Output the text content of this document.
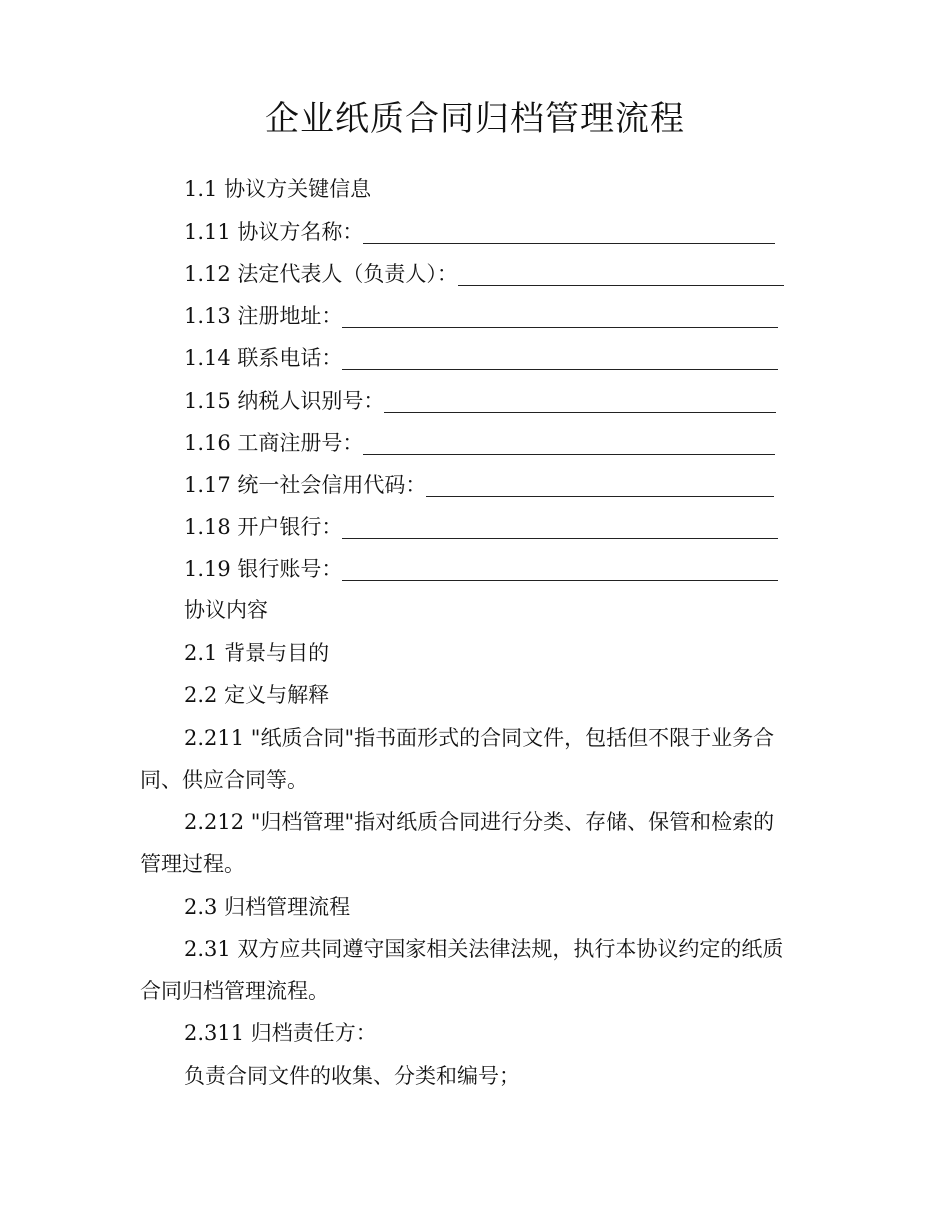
企业纸质合同归档管理流程
1.1 协议方关键信息
1.11 协议方名称：
1.12 法定代表人（负责人）：
1.13 注册地址：
1.14 联系电话：
1.15 纳税人识别号：
1.16 工商注册号：
1.17 统一社会信用代码：
1.18 开户银行：
1.19 银行账号：
协议内容
2.1 背景与目的
2.2 定义与解释
2.211 "纸质合同"指书面形式的合同文件，包括但不限于业务合
同、供应合同等。
2.212 "归档管理"指对纸质合同进行分类、存储、保管和检索的
管理过程。
2.3 归档管理流程
2.31 双方应共同遵守国家相关法律法规，执行本协议约定的纸质
合同归档管理流程。
2.311 归档责任方：
负责合同文件的收集、分类和编号；
